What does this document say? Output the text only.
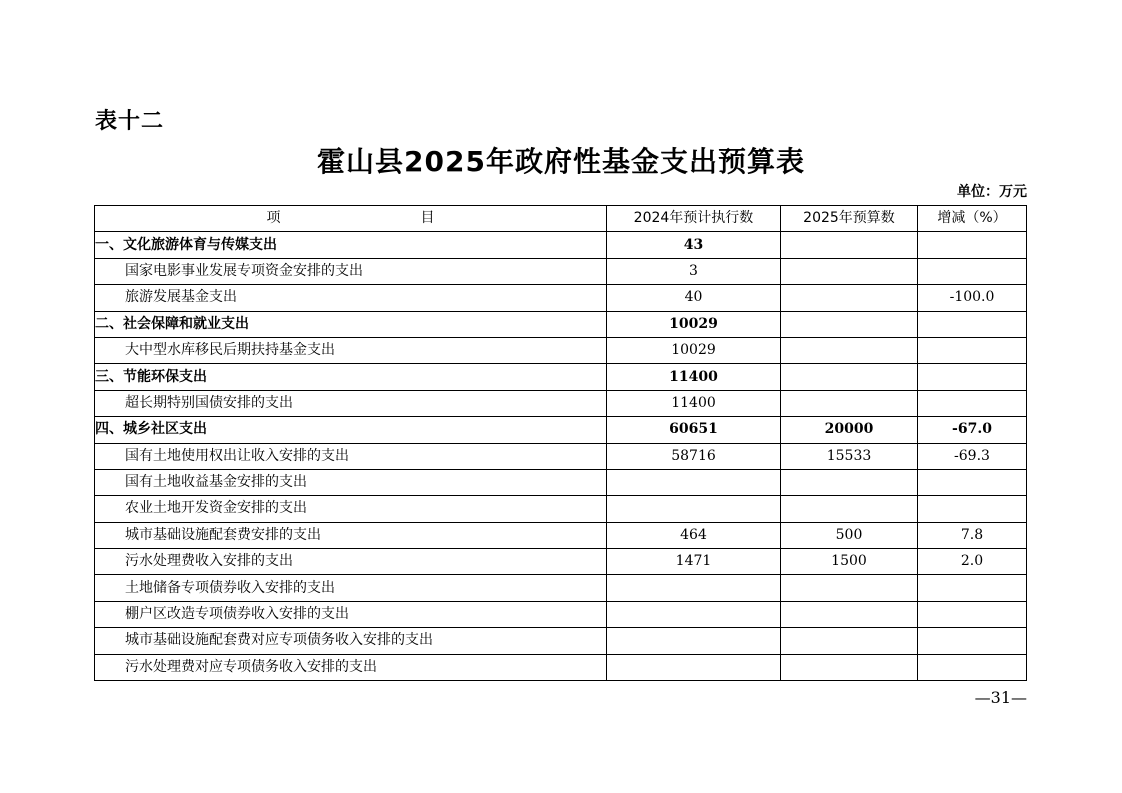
表十二
霍山县2025年政府性基金支出预算表
单位：万元
项 目	2024年预计执行数	2025年预算数	增减（%）
一、文化旅游体育与传媒支出	43		
国家电影事业发展专项资金安排的支出	3		
旅游发展基金支出	40		-100.0
二、社会保障和就业支出	10029		
大中型水库移民后期扶持基金支出	10029		
三、节能环保支出	11400		
超长期特别国债安排的支出	11400		
四、城乡社区支出	60651	20000	-67.0
国有土地使用权出让收入安排的支出	58716	15533	-69.3
国有土地收益基金安排的支出			
农业土地开发资金安排的支出			
城市基础设施配套费安排的支出	464	500	7.8
污水处理费收入安排的支出	1471	1500	2.0
土地储备专项债券收入安排的支出			
棚户区改造专项债券收入安排的支出			
城市基础设施配套费对应专项债务收入安排的支出			
污水处理费对应专项债务收入安排的支出			
—31—
